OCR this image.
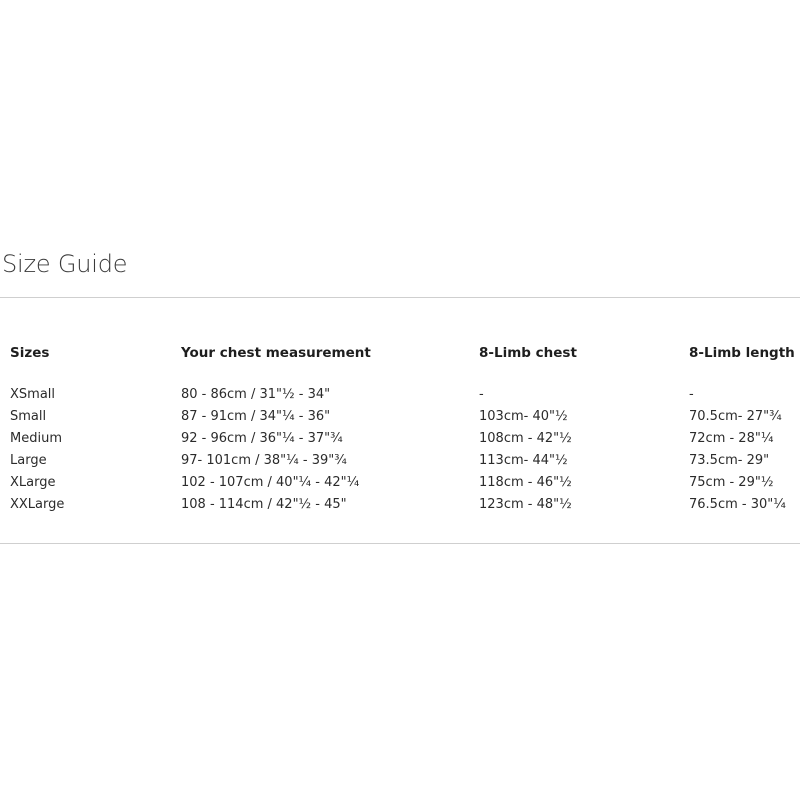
Size Guide
Sizes	Your chest measurement	8-Limb chest	8-Limb length
XSmall	80 - 86cm / 31"½ - 34"	-	-
Small	87 - 91cm / 34"¼ - 36"	103cm- 40"½	70.5cm- 27"¾
Medium	92 - 96cm / 36"¼ - 37"¾	108cm - 42"½	72cm - 28"¼
Large	97- 101cm / 38"¼ - 39"¾	113cm- 44"½	73.5cm- 29"
XLarge	102 - 107cm / 40"¼ - 42"¼	118cm - 46"½	75cm - 29"½
XXLarge	108 - 114cm / 42"½ - 45"	123cm - 48"½	76.5cm - 30"¼
